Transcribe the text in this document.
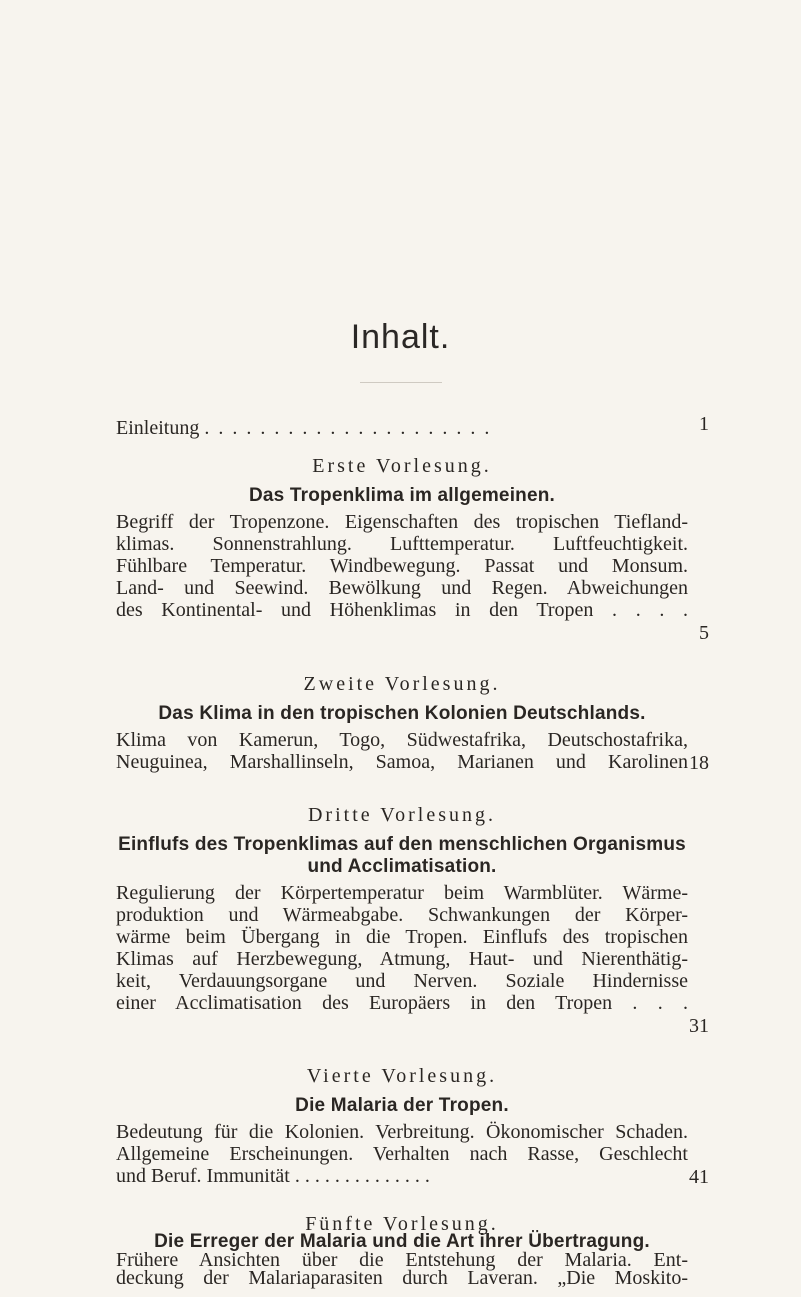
Inhalt.
Einleitung . . . . . . . . . . . . . . . . . . . . .	1
Erste Vorlesung.
Das Tropenklima im allgemeinen.
Begriff der Tropenzone. Eigenschaften des tropischen Tiefland-
klimas. Sonnenstrahlung. Lufttemperatur. Luftfeuchtigkeit.
Fühlbare Temperatur. Windbewegung. Passat und Monsum.
Land- und Seewind. Bewölkung und Regen. Abweichungen
des Kontinental- und Höhenklimas in den Tropen . . . .
5
Zweite Vorlesung.
Das Klima in den tropischen Kolonien Deutschlands.
Klima von Kamerun, Togo, Südwestafrika, Deutschostafrika,
Neuguinea, Marshallinseln, Samoa, Marianen und Karolinen 18
Dritte Vorlesung.
Einflufs des Tropenklimas auf den menschlichen Organismus
und Acclimatisation.
Regulierung der Körpertemperatur beim Warmblüter. Wärme-
produktion und Wärmeabgabe. Schwankungen der Körper-
wärme beim Übergang in die Tropen. Einflufs des tropischen
Klimas auf Herzbewegung, Atmung, Haut- und Nierenthätig-
keit, Verdauungsorgane und Nerven. Soziale Hindernisse
einer Acclimatisation des Europäers in den Tropen . . .
31
Vierte Vorlesung.
Die Malaria der Tropen.
Bedeutung für die Kolonien. Verbreitung. Ökonomischer Schaden.
Allgemeine Erscheinungen. Verhalten nach Rasse, Geschlecht
und Beruf. Immunität . . . . . . . . . . . . . .	41
Fünfte Vorlesung.
Die Erreger der Malaria und die Art ihrer Übertragung.
Frühere Ansichten über die Entstehung der Malaria. Ent-
deckung der Malariaparasiten durch Laveran. „Die Moskito-
